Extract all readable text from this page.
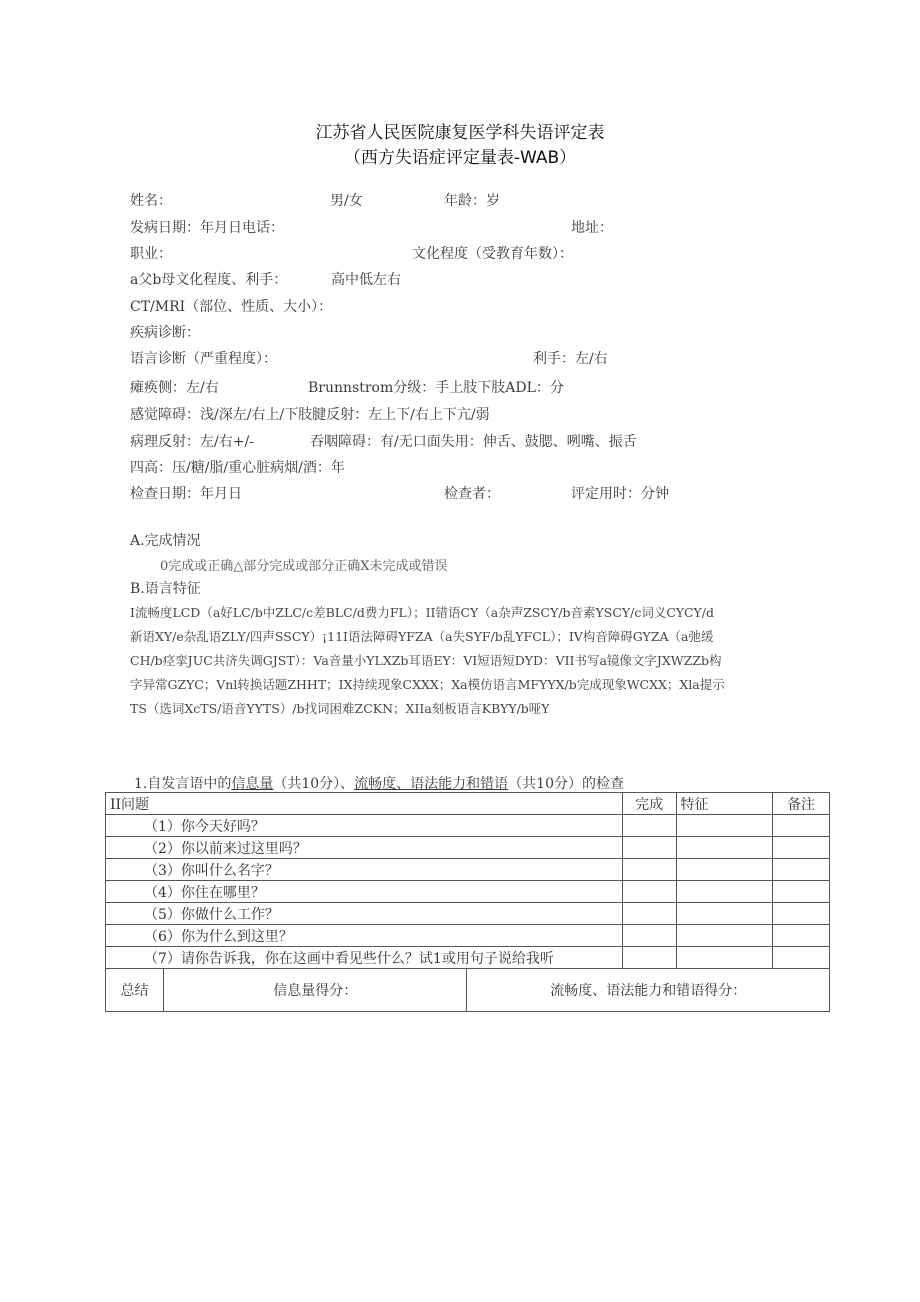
江苏省人民医院康复医学科失语评定表
（西方失语症评定量表-WAB）
姓名：	男/女	年龄：岁
发病日期：年月日电话：	地址：
职业：	文化程度（受教育年数）：
a父b母文化程度、利手：	高中低左右
CT/MRI（部位、性质、大小）：
疾病诊断：
语言诊断（严重程度）：	利手：左/右
瘫痪侧：左/右	Brunnstrom分级：手上肢下肢ADL：分
感觉障碍：浅/深左/右上/下肢腱反射：左上下/右上下亢/弱
病理反射：左/右+/-	吞咽障碍：有/无口面失用：伸舌、鼓腮、咧嘴、振舌
四高：压/糖/脂/重心脏病烟/酒：年
检查日期：年月日	检查者：	评定用时：分钟
A.完成情况
0完成或正确△部分完成或部分正确X未完成或错误
B.语言特征
I流畅度LCD（a好LC/b中ZLC/c差BLC/d费力FL）；II错语CY（a杂声ZSCY/b音素YSCY/c词义CYCY/d
新语XY/e杂乱语ZLY/四声SSCY）¡11I语法障碍YFZA（a失SYF/b乱YFCL）；IV构音障碍GYZA（a弛缓
CH/b痉挛JUC共济失调GJST）：Va音量小YLXZb耳语EY：VI短语短DYD：VII书写a镜像文字JXWZZb构
字异常GZYC；Vnl转换话题ZHHT；IX持续现象CXXX；Xa模仿语言MFYYX/b完成现象WCXX；Xla提示
TS（选词XcTS/语音YYTS）/b找词困难ZCKN；XIIa刻板语言KBYY/b哑Y
1.自发言语中的信息量（共10分）、流畅度、语法能力和错语（共10分）的检查
II问题	完成	特征	备注
（1）你今天好吗？			
（2）你以前来过这里吗？			
（3）你叫什么名字？			
（4）你住在哪里？			
（5）你做什么工作？			
（6）你为什么到这里？			
（7）请你告诉我，你在这画中看见些什么？试1或用句子说给我听			
总结	信息量得分：	流畅度、语法能力和错语得分：
